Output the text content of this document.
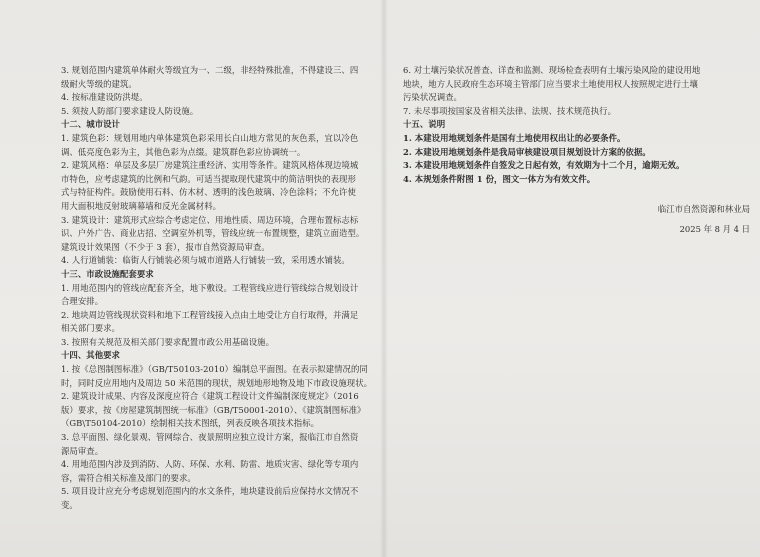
3. 规划范围内建筑单体耐火等级宜为一、二级，非经特殊批准，不得建设三、四
级耐火等级的建筑。

4. 按标准建设防洪堤。

5. 须按人防部门要求建设人防设施。

十二、城市设计

1. 建筑色彩：规划用地内单体建筑色彩采用长白山地方常见的灰色系，宜以冷色
调、低亮度色彩为主，其他色彩为点缀。建筑群色彩应协调统一。

2. 建筑风格：单层及多层厂房建筑注重经济、实用等条件。建筑风格体现边境城
市特色，应考虑建筑的比例和气韵。可适当提取现代建筑中的简洁明快的表现形
式与特征构件。鼓励使用石料、仿木材、透明的浅色玻璃、冷色涂料；不允许使
用大面积地反射玻璃幕墙和反光金属材料。

3. 建筑设计：建筑形式应综合考虑定位、用地性质、周边环境，合理布置标志标
识、户外广告、商业店招、空调室外机等，管线应统一布置规整，建筑立面造型。
建筑设计效果图（不少于 3 套），报市自然资源局审查。

4. 人行道铺装：临街人行铺装必须与城市道路人行铺装一致，采用透水铺装。

十三、市政设施配套要求

1. 用地范围内的管线应配套齐全，地下敷设。工程管线应进行管线综合规划设计
合理安排。

2. 地块周边管线现状资料和地下工程管线接入点由土地受让方自行取得，并满足
相关部门要求。

3. 按照有关规范及相关部门要求配置市政公用基础设施。

十四、其他要求

1. 按《总图制图标准》（GB/T50103-2010）编制总平面图。在表示拟建情况的同
时，同时反应用地内及周边 50 米范围的现状，规划地形地物及地下市政设施现状。

2. 建筑设计成果、内容及深度应符合《建筑工程设计文件编制深度规定》（2016
版）要求，按《房屋建筑制图统一标准》（GB/T50001-2010）、《建筑制图标准》
（GB\T50104-2010）绘制相关技术图纸，列表反映各项技术指标。

3. 总平面图、绿化景观、管网综合、夜景照明应独立设计方案，报临江市自然资
源局审查。

4. 用地范围内涉及到消防、人防、环保、水利、防雷、地质灾害、绿化等专项内
容，需符合相关标准及部门的要求。

5. 项目设计应充分考虑规划范围内的水文条件，地块建设前后应保持水文情况不
变。

6. 对土壤污染状况普查、详查和监测、现场检查表明有土壤污染风险的建设用地
地块，地方人民政府生态环境主管部门应当要求土地使用权人按照规定进行土壤
污染状况调查。

7. 未尽事项按国家及省相关法律、法规、技术规范执行。

十五、说明

1. 本建设用地规划条件是国有土地使用权出让的必要条件。

2. 本建设用地规划条件是我局审核建设项目规划设计方案的依据。

3. 本建设用地规划条件自签发之日起有效，有效期为十二个月，逾期无效。

4. 本规划条件附图 1 份，图文一体方为有效文件。

临江市自然资源和林业局
2025 年 8 月 4 日
